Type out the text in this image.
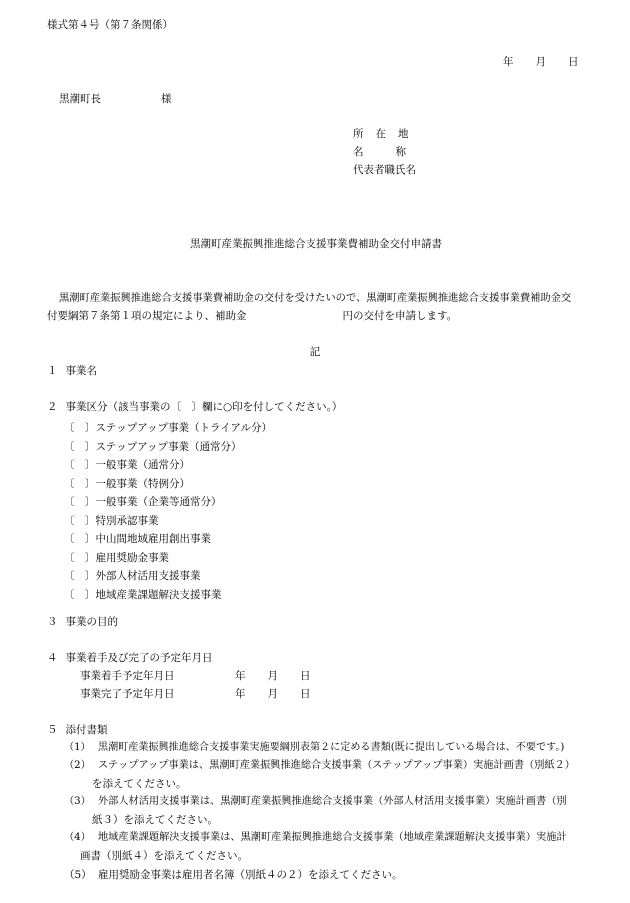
様式第４号（第７条関係）
年 月 日
黒潮町長	様
所在地
名称
代表者職氏名
黒潮町産業振興推進総合支援事業費補助金交付申請書
黒潮町産業振興推進総合支援事業費補助金の交付を受けたいので、黒潮町産業振興推進総合支援事業費補助金交
付要綱第７条第１項の規定により、補助金	円の交付を申請します。
記
１ 事業名
２ 事業区分（該当事業の〔　〕欄に○印を付してください。）
〔　〕ステップアップ事業（トライアル分）
〔　〕ステップアップ事業（通常分）
〔　〕一般事業（通常分）
〔　〕一般事業（特例分）
〔　〕一般事業（企業等通常分）
〔　〕特別承認事業
〔　〕中山間地域雇用創出事業
〔　〕雇用奨励金事業
〔　〕外部人材活用支援事業
〔　〕地域産業課題解決支援事業
３ 事業の目的
４ 事業着手及び完了の予定年月日
事業着手予定年月日	年 月 日
事業完了予定年月日	年 月 日
５ 添付書類
（1） 黒潮町産業振興推進総合支援事業実施要綱別表第２に定める書類(既に提出している場合は、不要です。)
（2） ステップアップ事業は、黒潮町産業振興推進総合支援事業（ステップアップ事業）実施計画書（別紙２）
を添えてください。
（3） 外部人材活用支援事業は、黒潮町産業振興推進総合支援事業（外部人材活用支援事業）実施計画書（別
紙３）を添えてください。
（4） 地域産業課題解決支援事業は、黒潮町産業振興推進総合支援事業（地域産業課題解決支援事業）実施計
画書（別紙４）を添えてください。
（5） 雇用奨励金事業は雇用者名簿（別紙４の２）を添えてください。
